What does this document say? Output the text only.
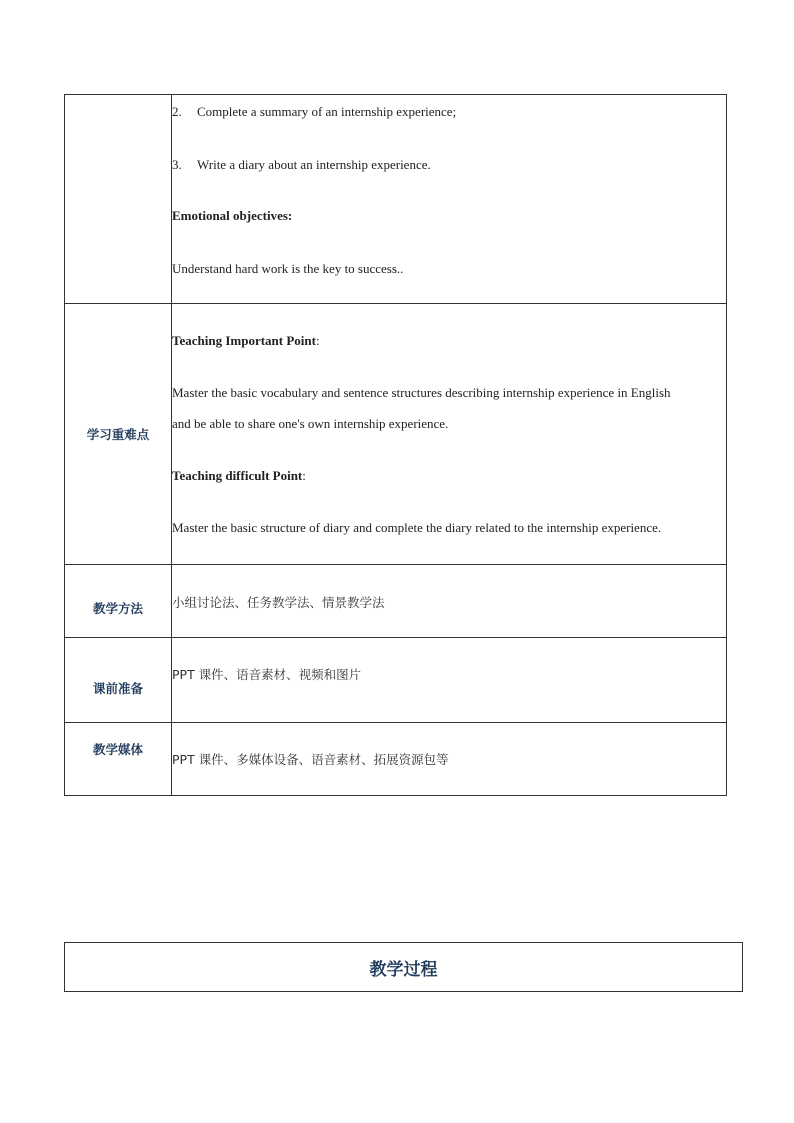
	2. Complete a summary of an internship experience;

3. Write a diary about an internship experience.

Emotional objectives:

Understand hard work is the key to success..

学习重难点	Teaching Important Point:

Master the basic vocabulary and sentence structures describing internship experience in English

and be able to share one's own internship experience.

Teaching difficult Point:

Master the basic structure of diary and complete the diary related to the internship experience.

教学方法	小组讨论法、任务教学法、情景教学法
课前准备	PPT 课件、语音素材、视频和图片
教学媒体	PPT 课件、多媒体设备、语音素材、拓展资源包等
教学过程
